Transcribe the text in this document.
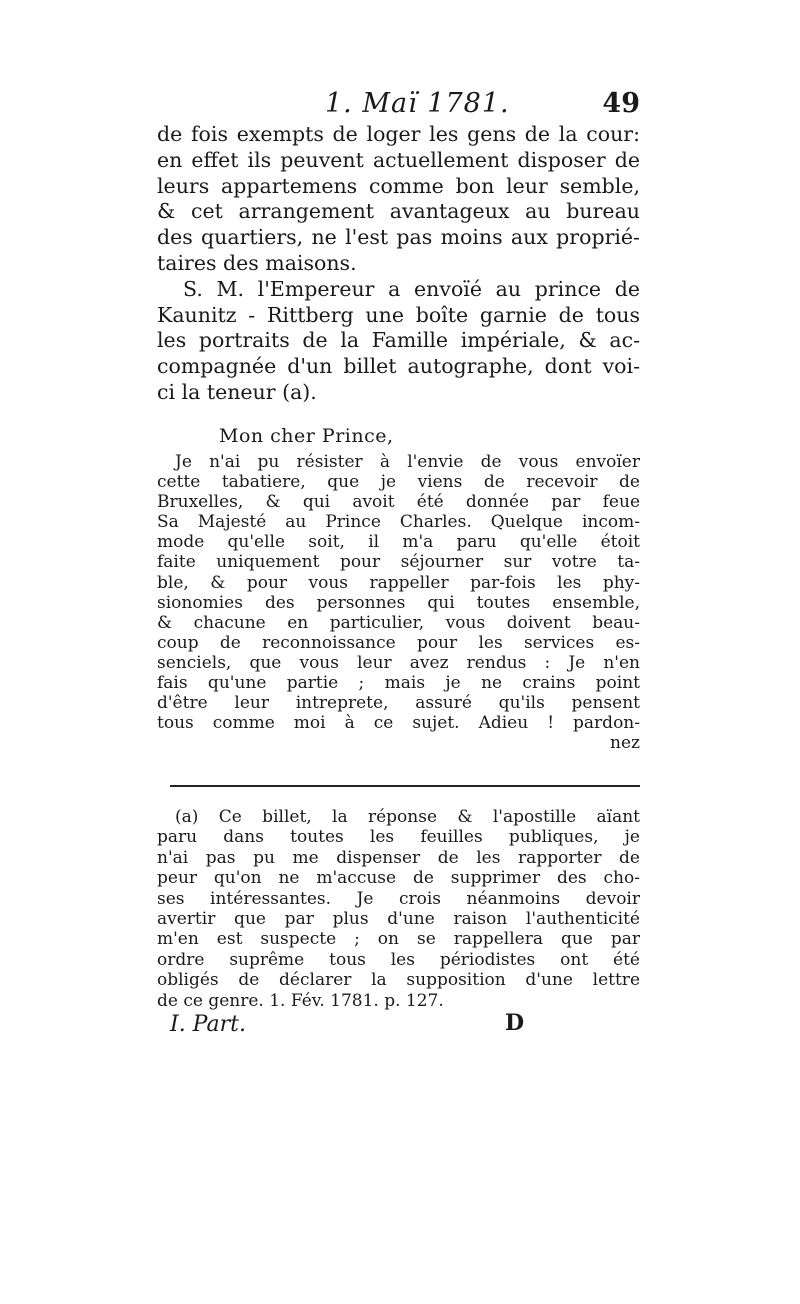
1. Maï 1781.	49
de fois exempts de loger les gens de la cour:
en effet ils peuvent actuellement disposer de
leurs appartemens comme bon leur semble,
& cet arrangement avantageux au bureau
des quartiers, ne l'est pas moins aux proprié-
taires des maisons.
S. M. l'Empereur a envoïé au prince de
Kaunitz - Rittberg une boîte garnie de tous
les portraits de la Famille impériale, & ac-
compagnée d'un billet autographe, dont voi-
ci la teneur (a).
Mon cher Prince,
Je n'ai pu résister à l'envie de vous envoïer
cette tabatiere, que je viens de recevoir de
Bruxelles, & qui avoit été donnée par feue
Sa Majesté au Prince Charles. Quelque incom-
mode qu'elle soit, il m'a paru qu'elle étoit
faite uniquement pour séjourner sur votre ta-
ble, & pour vous rappeller par-fois les phy-
sionomies des personnes qui toutes ensemble,
& chacune en particulier, vous doivent beau-
coup de reconnoissance pour les services es-
senciels, que vous leur avez rendus : Je n'en
fais qu'une partie ; mais je ne crains point
d'être leur intreprete, assuré qu'ils pensent
tous comme moi à ce sujet. Adieu ! pardon-
nez
(a) Ce billet, la réponse & l'apostille aïant
paru dans toutes les feuilles publiques, je
n'ai pas pu me dispenser de les rapporter de
peur qu'on ne m'accuse de supprimer des cho-
ses intéressantes. Je crois néanmoins devoir
avertir que par plus d'une raison l'authenticité
m'en est suspecte ; on se rappellera que par
ordre suprême tous les périodistes ont été
obligés de déclarer la supposition d'une lettre
de ce genre. 1. Fév. 1781. p. 127.
I. Part.	D
